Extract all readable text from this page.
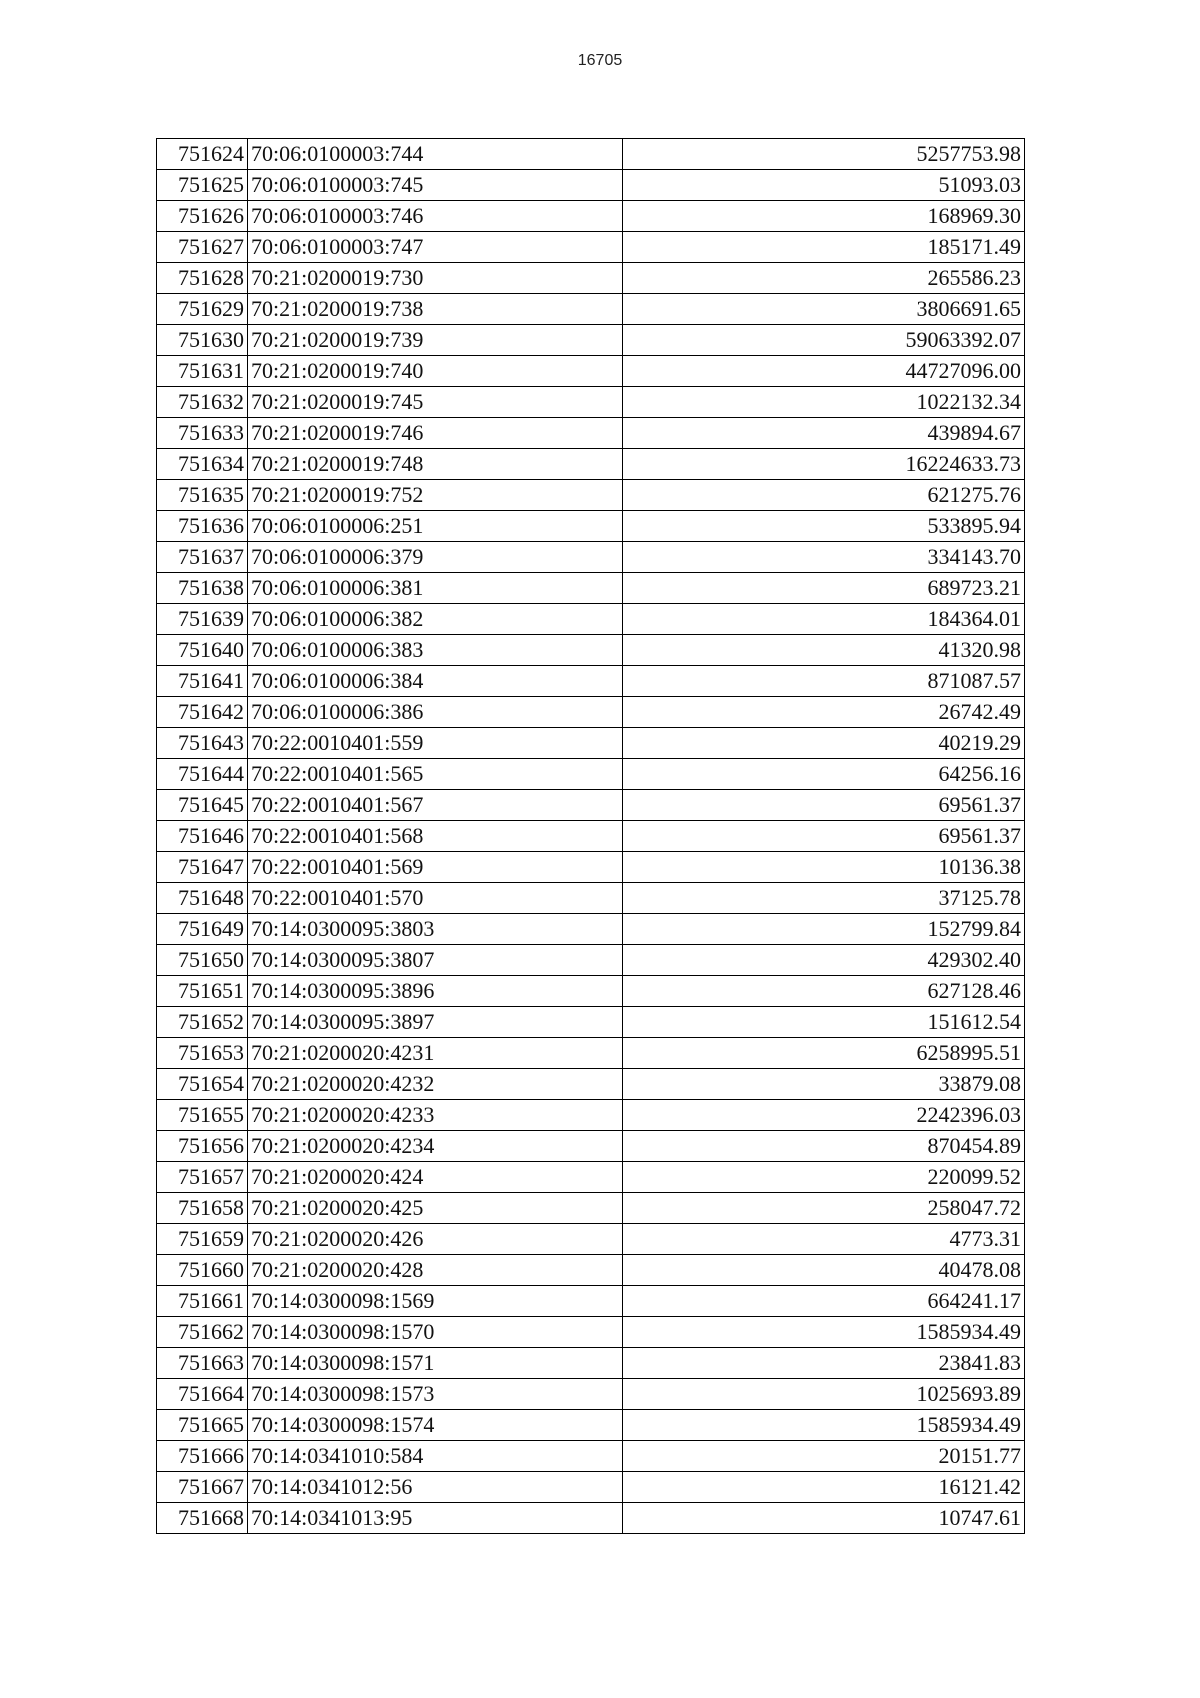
16705
751624	70:06:0100003:744	5257753.98
751625	70:06:0100003:745	51093.03
751626	70:06:0100003:746	168969.30
751627	70:06:0100003:747	185171.49
751628	70:21:0200019:730	265586.23
751629	70:21:0200019:738	3806691.65
751630	70:21:0200019:739	59063392.07
751631	70:21:0200019:740	44727096.00
751632	70:21:0200019:745	1022132.34
751633	70:21:0200019:746	439894.67
751634	70:21:0200019:748	16224633.73
751635	70:21:0200019:752	621275.76
751636	70:06:0100006:251	533895.94
751637	70:06:0100006:379	334143.70
751638	70:06:0100006:381	689723.21
751639	70:06:0100006:382	184364.01
751640	70:06:0100006:383	41320.98
751641	70:06:0100006:384	871087.57
751642	70:06:0100006:386	26742.49
751643	70:22:0010401:559	40219.29
751644	70:22:0010401:565	64256.16
751645	70:22:0010401:567	69561.37
751646	70:22:0010401:568	69561.37
751647	70:22:0010401:569	10136.38
751648	70:22:0010401:570	37125.78
751649	70:14:0300095:3803	152799.84
751650	70:14:0300095:3807	429302.40
751651	70:14:0300095:3896	627128.46
751652	70:14:0300095:3897	151612.54
751653	70:21:0200020:4231	6258995.51
751654	70:21:0200020:4232	33879.08
751655	70:21:0200020:4233	2242396.03
751656	70:21:0200020:4234	870454.89
751657	70:21:0200020:424	220099.52
751658	70:21:0200020:425	258047.72
751659	70:21:0200020:426	4773.31
751660	70:21:0200020:428	40478.08
751661	70:14:0300098:1569	664241.17
751662	70:14:0300098:1570	1585934.49
751663	70:14:0300098:1571	23841.83
751664	70:14:0300098:1573	1025693.89
751665	70:14:0300098:1574	1585934.49
751666	70:14:0341010:584	20151.77
751667	70:14:0341012:56	16121.42
751668	70:14:0341013:95	10747.61
